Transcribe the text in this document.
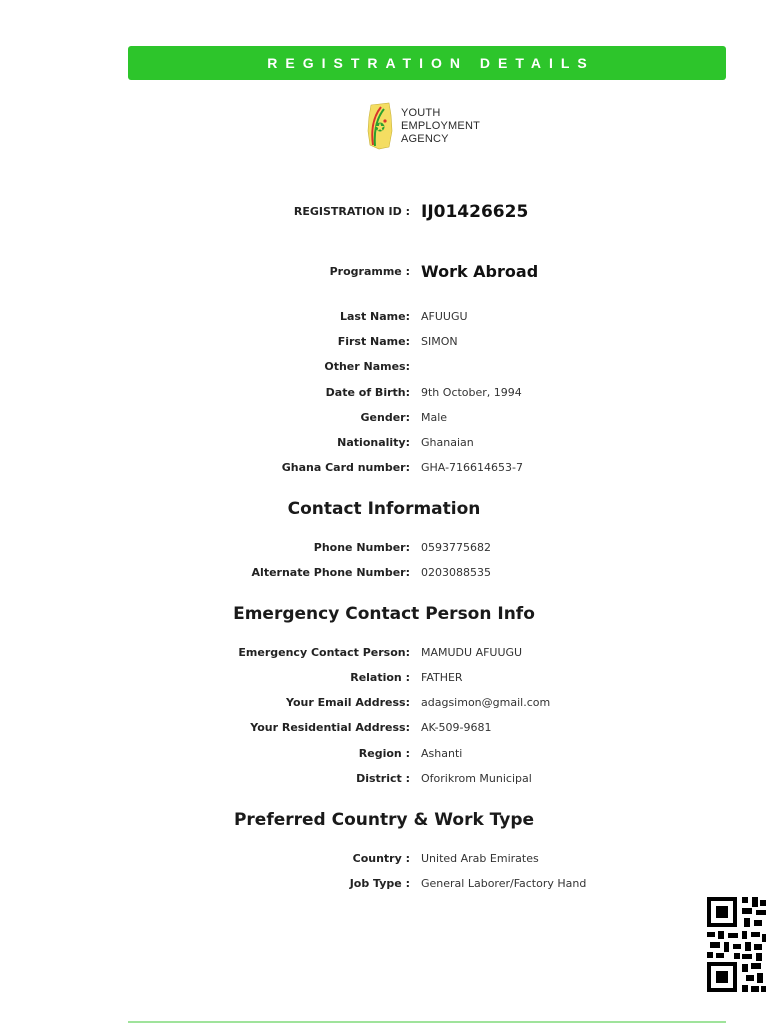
REGISTRATION DETAILS
YOUTH
EMPLOYMENT
AGENCY
REGISTRATION ID : IJ01426625
Programme : Work Abroad
Last Name: AFUUGU
First Name: SIMON
Other Names:
Date of Birth: 9th October, 1994
Gender: Male
Nationality: Ghanaian
Ghana Card number: GHA-716614653-7
Contact Information
Phone Number: 0593775682
Alternate Phone Number: 0203088535
Emergency Contact Person Info
Emergency Contact Person: MAMUDU AFUUGU
Relation : FATHER
Your Email Address: adagsimon@gmail.com
Your Residential Address: AK-509-9681
Region : Ashanti
District : Oforikrom Municipal
Preferred Country & Work Type
Country : United Arab Emirates
Job Type : General Laborer/Factory Hand
